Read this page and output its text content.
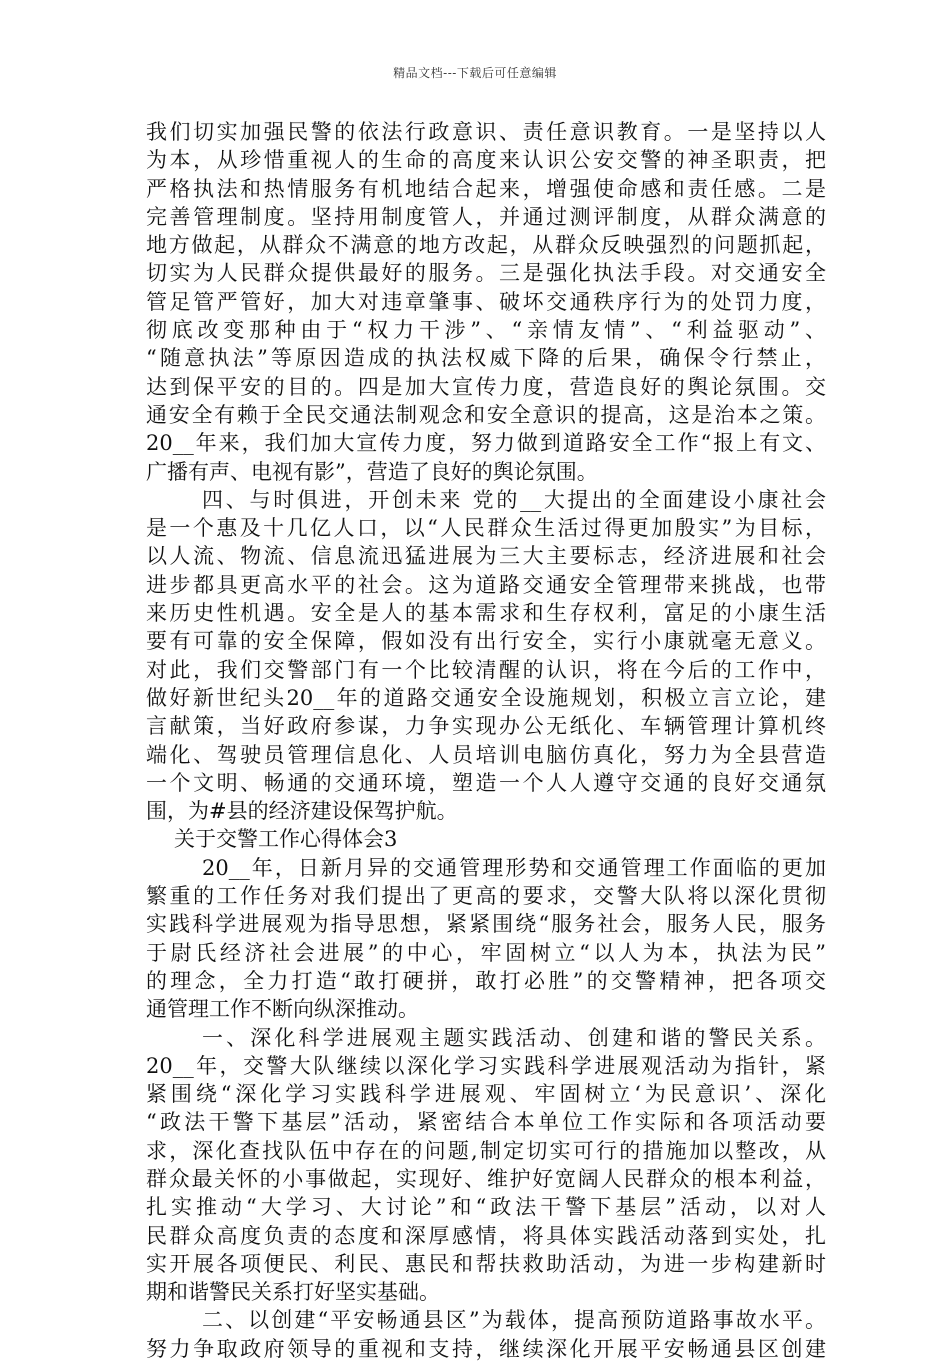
精品文档---下载后可任意编辑
我们切实加强民警的依法行政意识、责任意识教育。一是坚持以人
为本，从珍惜重视人的生命的高度来认识公安交警的神圣职责，把
严格执法和热情服务有机地结合起来，增强使命感和责任感。二是
完善管理制度。坚持用制度管人，并通过测评制度，从群众满意的
地方做起，从群众不满意的地方改起，从群众反映强烈的问题抓起，
切实为人民群众提供最好的服务。三是强化执法手段。对交通安全
管足管严管好，加大对违章肇事、破坏交通秩序行为的处罚力度，
彻底改变那种由于“权力干涉”、“亲情友情”、“利益驱动”、
“随意执法”等原因造成的执法权威下降的后果，确保令行禁止，
达到保平安的目的。四是加大宣传力度，营造良好的舆论氛围。交
通安全有赖于全民交通法制观念和安全意识的提高，这是治本之策。
20__年来，我们加大宣传力度，努力做到道路安全工作“报上有文、
广播有声、电视有影”，营造了良好的舆论氛围。
四、与时俱进，开创未来 党的__大提出的全面建设小康社会
是一个惠及十几亿人口，以“人民群众生活过得更加殷实”为目标，
以人流、物流、信息流迅猛进展为三大主要标志，经济进展和社会
进步都具更高水平的社会。这为道路交通安全管理带来挑战，也带
来历史性机遇。安全是人的基本需求和生存权利，富足的小康生活
要有可靠的安全保障，假如没有出行安全，实行小康就毫无意义。
对此，我们交警部门有一个比较清醒的认识，将在今后的工作中，
做好新世纪头20__年的道路交通安全设施规划，积极立言立论，建
言献策，当好政府参谋，力争实现办公无纸化、车辆管理计算机终
端化、驾驶员管理信息化、人员培训电脑仿真化，努力为全县营造
一个文明、畅通的交通环境，塑造一个人人遵守交通的良好交通氛
围，为#县的经济建设保驾护航。
关于交警工作心得体会3
20__年，日新月异的交通管理形势和交通管理工作面临的更加
繁重的工作任务对我们提出了更高的要求，交警大队将以深化贯彻
实践科学进展观为指导思想，紧紧围绕“服务社会，服务人民，服务
于尉氏经济社会进展”的中心，牢固树立“以人为本，执法为民”
的理念，全力打造“敢打硬拼，敢打必胜”的交警精神，把各项交
通管理工作不断向纵深推动。
一、深化科学进展观主题实践活动、创建和谐的警民关系。
20__年，交警大队继续以深化学习实践科学进展观活动为指针，紧
紧围绕“深化学习实践科学进展观、牢固树立‘为民意识’、深化
“政法干警下基层”活动，紧密结合本单位工作实际和各项活动要
求，深化查找队伍中存在的问题,制定切实可行的措施加以整改，从
群众最关怀的小事做起，实现好、维护好宽阔人民群众的根本利益，
扎实推动“大学习、大讨论”和“政法干警下基层”活动，以对人
民群众高度负责的态度和深厚感情，将具体实践活动落到实处，扎
实开展各项便民、利民、惠民和帮扶救助活动，为进一步构建新时
期和谐警民关系打好坚实基础。
二、以创建“平安畅通县区”为载体，提高预防道路事故水平。
努力争取政府领导的重视和支持，继续深化开展平安畅通县区创建
